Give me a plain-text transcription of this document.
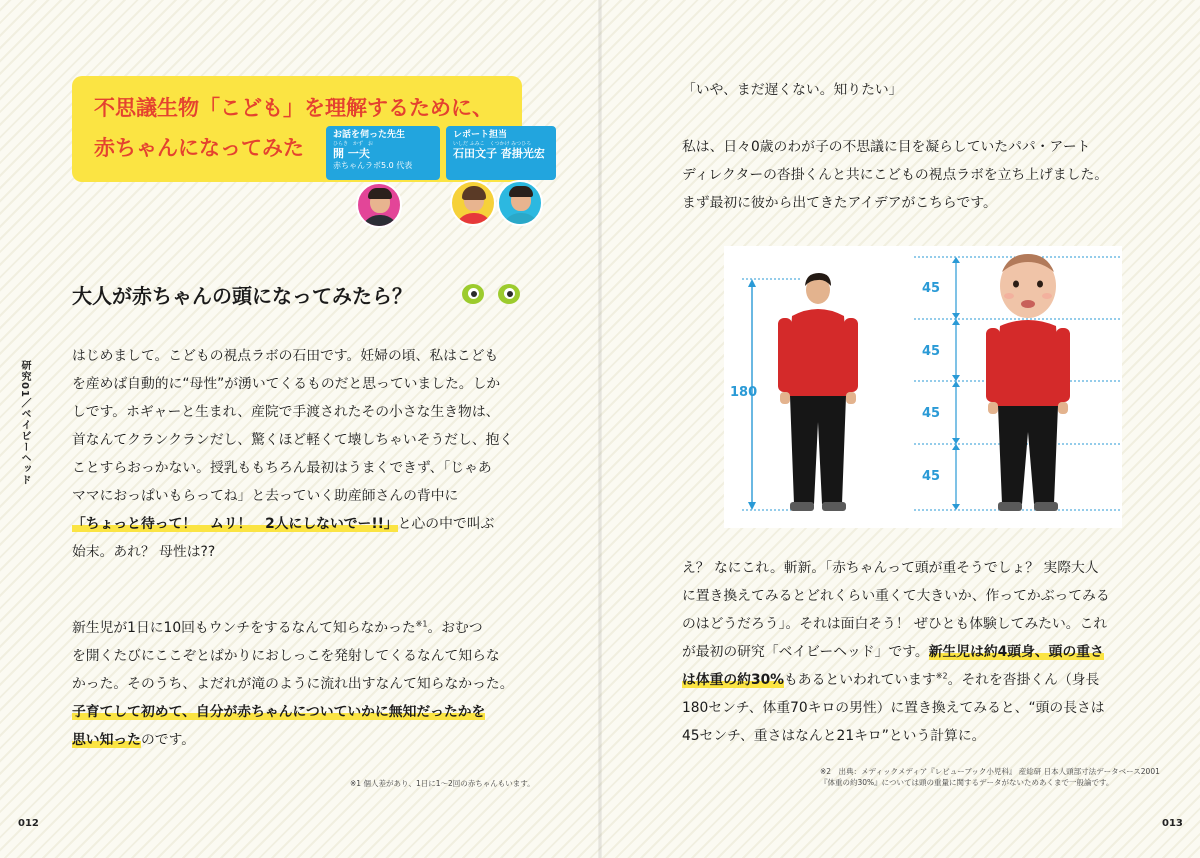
不思議生物「こども」を理解するために、
赤ちゃんになってみた
お話を伺った先生
ひらき　かず　お
開 一夫
赤ちゃんラボ5.0 代表
レポート担当
いしだ ふみこ　くつかけ みつひろ
石田文子 沓掛光宏
大人が赤ちゃんの頭になってみたら？
研究01／ベイビーヘッド
はじめまして。こどもの視点ラボの石田です。妊婦の頃、私はこども
を産めば自動的に“母性”が湧いてくるものだと思っていました。しか
しです。ホギャーと生まれ、産院で手渡されたその小さな生き物は、
首なんてクランクランだし、驚くほど軽くて壊しちゃいそうだし、抱く
ことすらおっかない。授乳ももちろん最初はうまくできず、「じゃあ
ママにおっぱいもらってね」と去っていく助産師さんの背中に
「ちょっと待って！　ムリ！　2人にしないでー!!」と心の中で叫ぶ
始末。あれ？ 母性は??
新生児が1日に10回もウンチをするなんて知らなかった$^{※1}$。おむつ
を開くたびにここぞとばかりにおしっこを発射してくるなんて知らな
かった。そのうち、よだれが滝のように流れ出すなんて知らなかった。
子育てして初めて、自分が赤ちゃんについていかに無知だったかを
思い知ったのです。
※1 個人差があり、1日に1～2回の赤ちゃんもいます。
012
「いや、まだ遅くない。知りたい」
私は、日々0歳のわが子の不思議に目を凝らしていたパパ・アート
ディレクターの沓掛くんと共にこどもの視点ラボを立ち上げました。
まず最初に彼から出てきたアイデアがこちらです。
180
45
45
45
45
え？ なにこれ。斬新。「赤ちゃんって頭が重そうでしょ？ 実際大人
に置き換えてみるとどれくらい重くて大きいか、作ってかぶってみる
のはどうだろう」。それは面白そう！ ぜひとも体験してみたい。これ
が最初の研究「ベイビーヘッド」です。新生児は約4頭身、頭の重さ
は体重の約30%もあるといわれています$^{※2}$。それを沓掛くん（身長
180センチ、体重70キロの男性）に置き換えてみると、“頭の長さは
45センチ、重さはなんと21キロ”という計算に。
※2　出典：メディックメディア『レビューブック小児科』 産総研 日本人頭部寸法データベース2001
『体重の約30%』については頭の重量に関するデータがないためあくまで一般論です。
013
